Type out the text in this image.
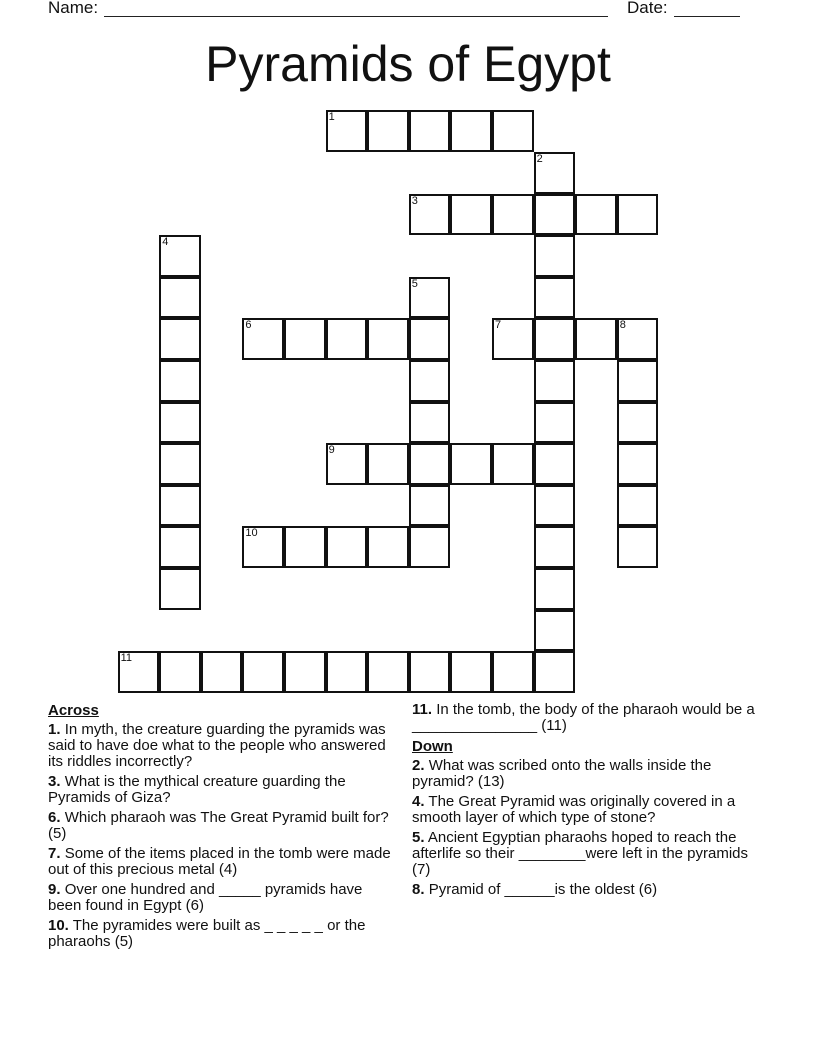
Name:	Date:
Pyramids of Egypt
1
2
3
4
5
6	7	8
9
10
11
Across
1. In myth, the creature guarding the pyramids was said to have doe what to the people who answered its riddles incorrectly?
3. What is the mythical creature guarding the Pyramids of Giza?
6. Which pharaoh was The Great Pyramid built for? (5)
7. Some of the items placed in the tomb were made out of this precious metal (4)
9. Over one hundred and _____ pyramids have been found in Egypt (6)
10. The pyramides were built as _ _ _ _ _ or the pharaohs (5)
11. In the tomb, the body of the pharaoh would be a _______________ (11)
Down
2. What was scribed onto the walls inside the pyramid? (13)
4. The Great Pyramid was originally covered in a smooth layer of which type of stone?
5. Ancient Egyptian pharaohs hoped to reach the afterlife so their ________were left in the pyramids (7)
8. Pyramid of ______is the oldest (6)
